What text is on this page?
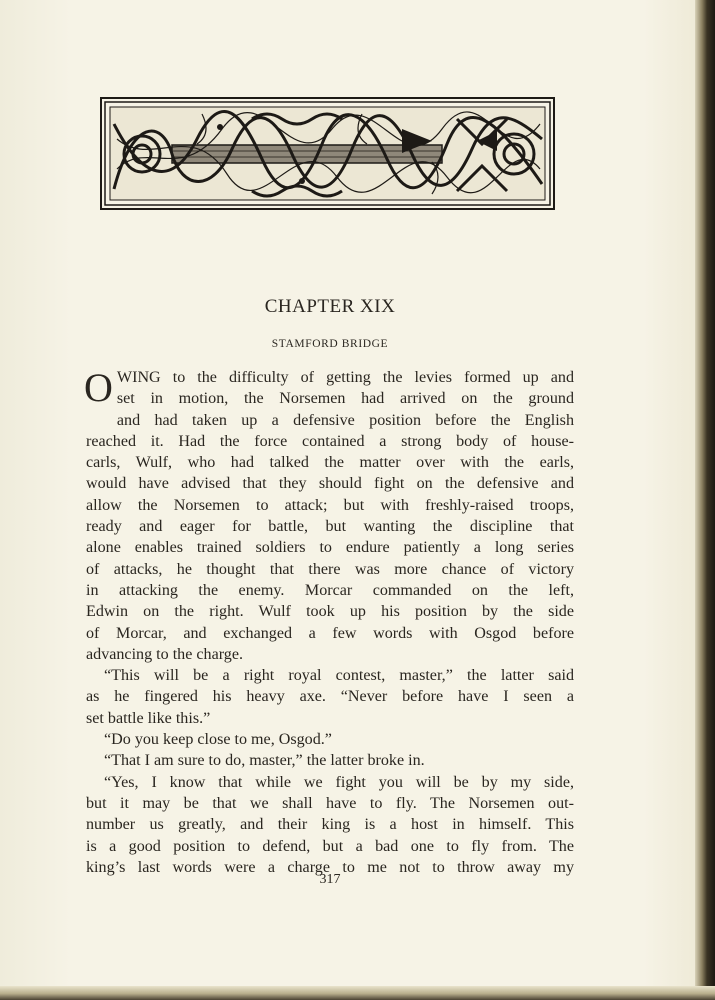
CHAPTER XIX
STAMFORD BRIDGE
O WING to the difficulty of getting the levies formed up and
set in motion, the Norsemen had arrived on the ground
and had taken up a defensive position before the English
reached it. Had the force contained a strong body of house-
carls, Wulf, who had talked the matter over with the earls,
would have advised that they should fight on the defensive and
allow the Norsemen to attack; but with freshly-raised troops,
ready and eager for battle, but wanting the discipline that
alone enables trained soldiers to endure patiently a long series
of attacks, he thought that there was more chance of victory
in attacking the enemy. Morcar commanded on the left,
Edwin on the right. Wulf took up his position by the side
of Morcar, and exchanged a few words with Osgod before
advancing to the charge.
“This will be a right royal contest, master,” the latter said
as he fingered his heavy axe. “Never before have I seen a
set battle like this.”
“Do you keep close to me, Osgod.”
“That I am sure to do, master,” the latter broke in.
“Yes, I know that while we fight you will be by my side,
but it may be that we shall have to fly. The Norsemen out-
number us greatly, and their king is a host in himself. This
is a good position to defend, but a bad one to fly from. The
king’s last words were a charge to me not to throw away my
317
